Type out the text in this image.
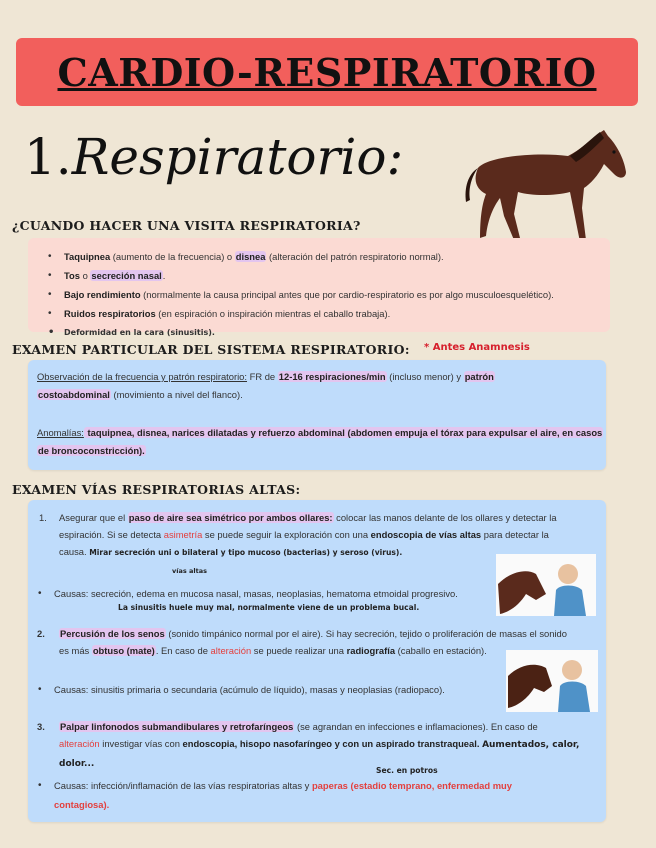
CARDIO-RESPIRATORIO
1.Respiratorio:
¿CUANDO HACER UNA VISITA RESPIRATORIA?
• Taquipnea (aumento de la frecuencia) o disnea (alteración del patrón respiratorio normal).
• Tos o secreción nasal.
• Bajo rendimiento (normalmente la causa principal antes que por cardio-respiratorio es por algo musculoesquelético).
• Ruidos respiratorios (en espiración o inspiración mientras el caballo trabaja).
• Deformidad en la cara (sinusitis).
EXAMEN PARTICULAR DEL SISTEMA RESPIRATORIO: * Antes Anamnesis
Observación de la frecuencia y patrón respiratorio: FR de 12-16 respiraciones/min (incluso menor) y patrón
costoabdominal (movimiento a nivel del flanco).
Anomalías: taquipnea, disnea, narices dilatadas y refuerzo abdominal (abdomen empuja el tórax para expulsar el aire, en casos
de broncoconstricción).
EXAMEN VÍAS RESPIRATORIAS ALTAS:
1. Asegurar que el paso de aire sea simétrico por ambos ollares: colocar las manos delante de los ollares y detectar la
espiración. Si se detecta asimetría se puede seguir la exploración con una endoscopia de vías altas para detectar la
causa. Mirar secreción uni o bilateral y tipo mucoso (bacterias) y seroso (virus).
vías altas
• Causas: secreción, edema en mucosa nasal, masas, neoplasias, hematoma etmoidal progresivo.
La sinusitis huele muy mal, normalmente viene de un problema bucal.
2. Percusión de los senos (sonido timpánico normal por el aire). Si hay secreción, tejido o proliferación de masas el sonido
es más obtuso (mate). En caso de alteración se puede realizar una radiografía (caballo en estación).
• Causas: sinusitis primaria o secundaria (acúmulo de líquido), masas y neoplasias (radiopaco).
3. Palpar linfonodos submandibulares y retrofaríngeos (se agrandan en infecciones e inflamaciones). En caso de
alteración investigar vías con endoscopia, hisopo nasofaríngeo y con un aspirado transtraqueal. Aumentados, calor, dolor...
Sec. en potros
• Causas: infección/inflamación de las vías respiratorias altas y paperas (estadio temprano, enfermedad muy
contagiosa).
